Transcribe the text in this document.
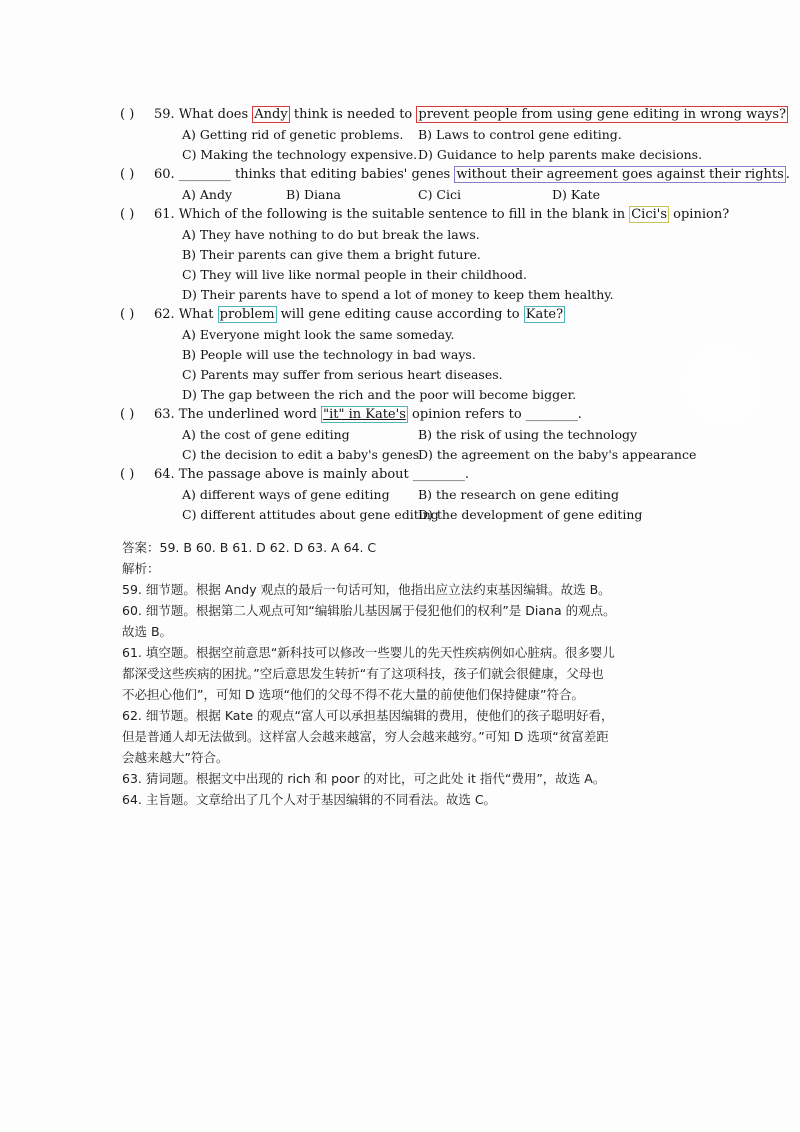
( )	59. What does Andy think is needed to prevent people from using gene editing in wrong ways?
A) Getting rid of genetic problems. B) Laws to control gene editing.
C) Making the technology expensive. D) Guidance to help parents make decisions.
( )	60. ________ thinks that editing babies' genes without their agreement goes against their rights .
A) Andy	B) Diana	C) Cici	D) Kate
( )	61. Which of the following is the suitable sentence to fill in the blank in Cici's opinion?
A) They have nothing to do but break the laws.
B) Their parents can give them a bright future.
C) They will live like normal people in their childhood.
D) Their parents have to spend a lot of money to keep them healthy.
( )	62. What problem will gene editing cause according to Kate?
A) Everyone might look the same someday.
B) People will use the technology in bad ways.
C) Parents may suffer from serious heart diseases.
D) The gap between the rich and the poor will become bigger.
( )	63. The underlined word "it" in Kate's opinion refers to ________.
A) the cost of gene editing	B) the risk of using the technology
C) the decision to edit a baby's genes
D) the agreement on the baby's appearance
( )	64. The passage above is mainly about ________.
A) different ways of gene editing B) the research on gene editing
C) different attitudes about gene editing
D) the development of gene editing
答案：59. B 60. B 61. D 62. D 63. A 64. C
解析：
59. 细节题。根据 Andy 观点的最后一句话可知，他指出应立法约束基因编辑。故选 B。
60. 细节题。根据第二人观点可知“编辑胎儿基因属于侵犯他们的权利”是 Diana 的观点。
故选 B。
61. 填空题。根据空前意思“新科技可以修改一些婴儿的先天性疾病例如心脏病。很多婴儿
都深受这些疾病的困扰。”空后意思发生转折“有了这项科技，孩子们就会很健康，父母也
不必担心他们”，可知 D 选项“他们的父母不得不花大量的前使他们保持健康”符合。
62. 细节题。根据 Kate 的观点“富人可以承担基因编辑的费用，使他们的孩子聪明好看，
但是普通人却无法做到。这样富人会越来越富，穷人会越来越穷。”可知 D 选项“贫富差距
会越来越大”符合。
63. 猜词题。根据文中出现的 rich 和 poor 的对比，可之此处 it 指代“费用”，故选 A。
64. 主旨题。文章给出了几个人对于基因编辑的不同看法。故选 C。
